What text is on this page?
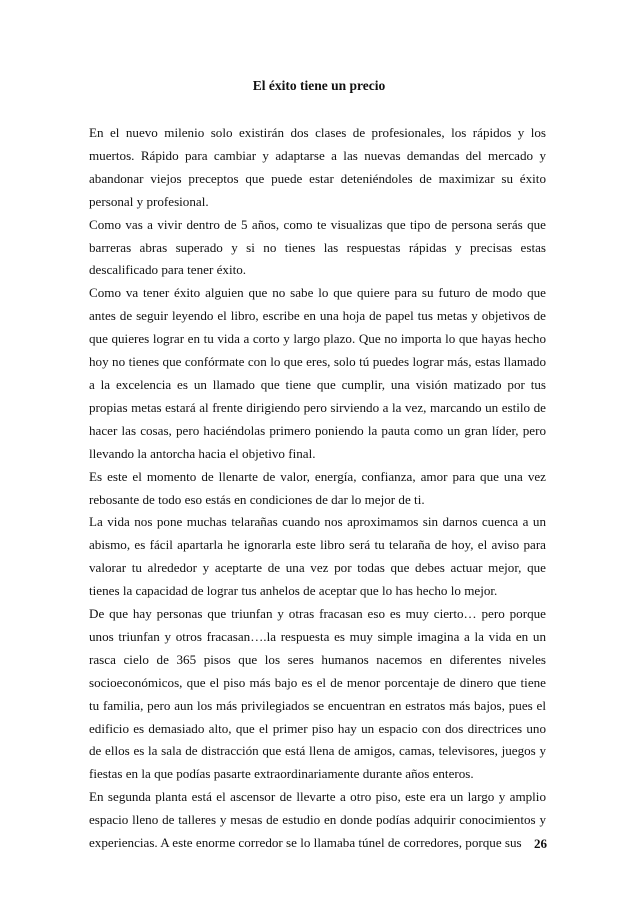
El éxito tiene un precio

En el nuevo milenio solo existirán dos clases de profesionales, los rápidos y los muertos. Rápido para cambiar y adaptarse a las nuevas demandas del mercado y abandonar viejos preceptos que puede estar deteniéndoles de maximizar su éxito personal y profesional.

Como vas a vivir dentro de 5 años, como te visualizas que tipo de persona serás que barreras abras superado y si no tienes las respuestas rápidas y precisas estas descalificado para tener éxito.

Como va tener éxito alguien que no sabe lo que quiere para su futuro de modo que antes de seguir leyendo el libro, escribe en una hoja de papel tus metas y objetivos de que quieres lograr en tu vida a corto y largo plazo. Que no importa lo que hayas hecho hoy no tienes que confórmate con lo que eres, solo tú puedes lograr más, estas llamado a la excelencia es un llamado que tiene que cumplir, una visión matizado por tus propias metas estará al frente dirigiendo pero sirviendo a la vez, marcando un estilo de hacer las cosas, pero haciéndolas primero poniendo la pauta como un gran líder, pero llevando la antorcha hacia el objetivo final.

Es este el momento de llenarte de valor, energía, confianza, amor para que una vez rebosante de todo eso estás en condiciones de dar lo mejor de ti.

La vida nos pone muchas telarañas cuando nos aproximamos sin darnos cuenca a un abismo, es fácil apartarla he ignorarla este libro será tu telaraña de hoy, el aviso para valorar tu alrededor y aceptarte de una vez por todas que debes actuar mejor, que tienes la capacidad de lograr tus anhelos de aceptar que lo has hecho lo mejor.

De que hay personas que triunfan y otras fracasan eso es muy cierto… pero porque unos triunfan y otros fracasan….la respuesta es muy simple imagina a la vida en un rasca cielo de 365 pisos que los seres humanos nacemos en diferentes niveles socioeconómicos, que el piso más bajo es el de menor porcentaje de dinero que tiene tu familia, pero aun los más privilegiados se encuentran en estratos más bajos, pues el edificio es demasiado alto, que el primer piso hay un espacio con dos directrices uno de ellos es la sala de distracción que está llena de amigos, camas, televisores, juegos y fiestas en la que podías pasarte extraordinariamente durante años enteros.

En segunda planta está el ascensor de llevarte a otro piso, este era un largo y amplio espacio lleno de talleres y mesas de estudio en donde podías adquirir conocimientos y experiencias. A este enorme corredor se lo llamaba túnel de corredores, porque sus 26
